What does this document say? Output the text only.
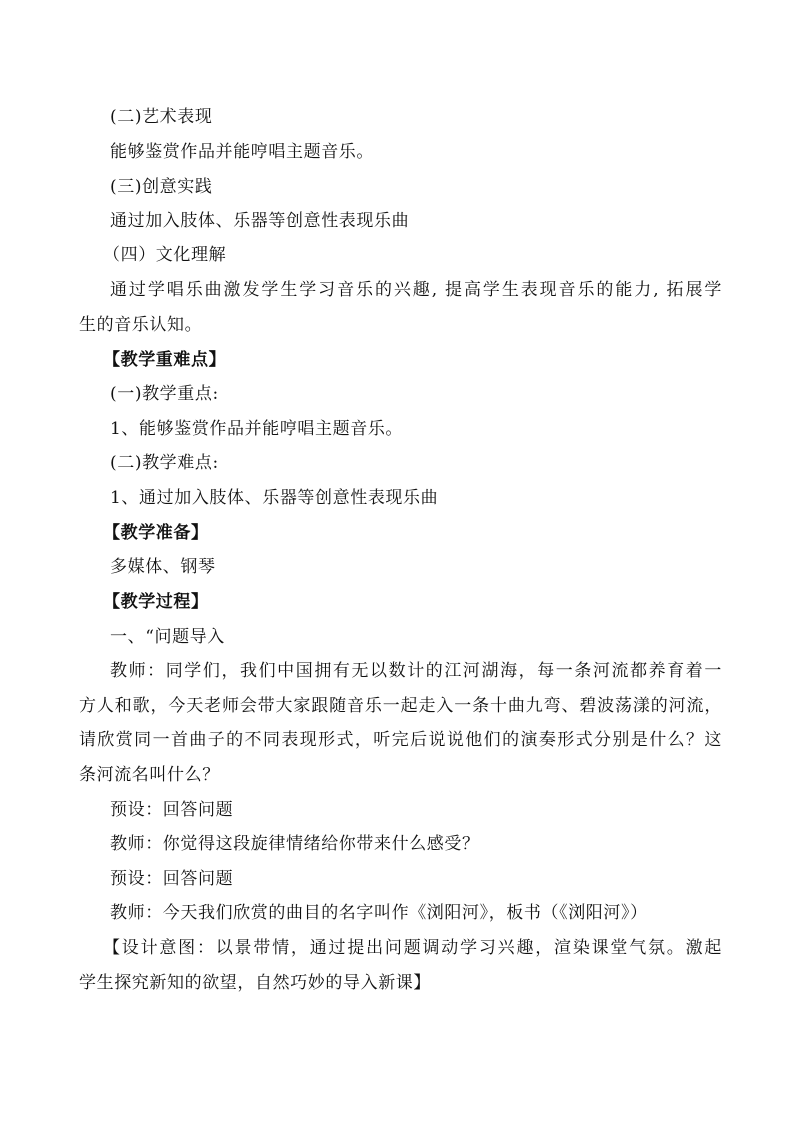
(二)艺术表现
能够鉴赏作品并能哼唱主题音乐。
(三)创意实践
通过加入肢体、乐器等创意性表现乐曲
（四）文化理解
通过学唱乐曲激发学生学习音乐的兴趣, 提高学生表现音乐的能力, 拓展学
生的音乐认知。
【教学重难点】
(一)教学重点:
1、能够鉴赏作品并能哼唱主题音乐。
(二)教学难点:
1、通过加入肢体、乐器等创意性表现乐曲
【教学准备】
多媒体、钢琴
【教学过程】
一、“问题导入
教师：同学们，我们中国拥有无以数计的江河湖海，每一条河流都养育着一
方人和歌，今天老师会带大家跟随音乐一起走入一条十曲九弯、碧波荡漾的河流，
请欣赏同一首曲子的不同表现形式，听完后说说他们的演奏形式分别是什么？这
条河流名叫什么？
预设：回答问题
教师：你觉得这段旋律情绪给你带来什么感受？
预设：回答问题
教师：今天我们欣赏的曲目的名字叫作《浏阳河》，板书（《浏阳河》）
【设计意图：以景带情，通过提出问题调动学习兴趣，渲染课堂气氛。激起
学生探究新知的欲望，自然巧妙的导入新课】
